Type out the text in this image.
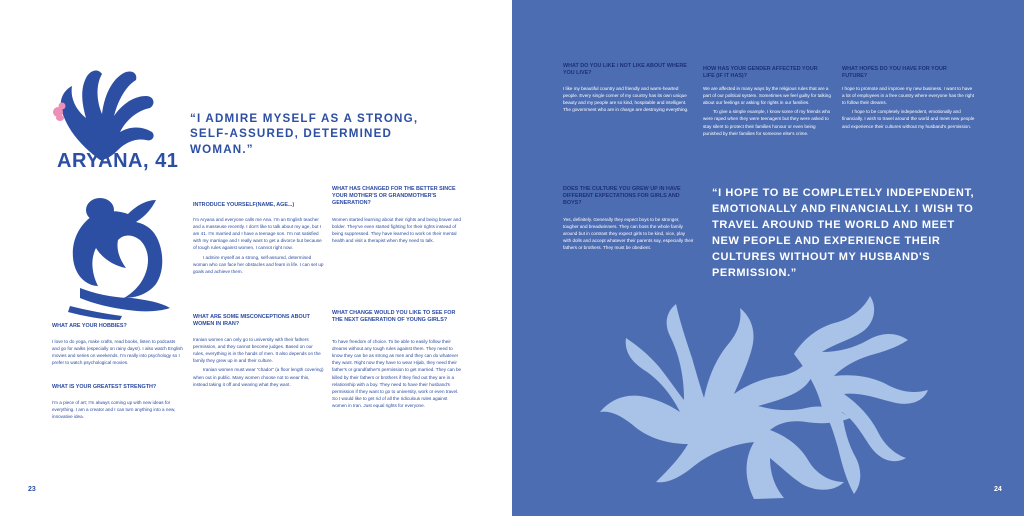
ARYANA, 41
“I ADMIRE MYSELF AS A STRONG, SELF-ASSURED, DETERMINED WOMAN.”
WHAT ARE YOUR HOBBIES?

I love to do yoga, make crafts, read books, listen to podcasts and go for walks (especially on rainy days!). I also watch English movies and series on weekends. I'm really into psychology so I prefer to watch psychological movies.

WHAT IS YOUR GREATEST STRENGTH?

I'm a piece of art; I'm always coming up with new ideas for everything. I am a creator and I can turn anything into a new, innovative idea.

INTRODUCE YOURSELF(NAME, AGE...)

I'm Aryana and everyone calls me Ana. I'm an English teacher and a masseuse recently. I don't like to talk about my age, but I am 41. I'm married and I have a teenage son. I'm not satisfied with my marriage and I really want to get a divorce but because of tough rules against women, I cannot right now.

I admire myself as a strong, self-assured, determined woman who can face her obstacles and fears in life. I can set up goals and achieve them.

WHAT ARE SOME MISCONCEPTIONS ABOUT WOMEN IN IRAN?

Iranian women can only go to university with their fathers permission, and they cannot become judges. Based on our rules, everything is in the hands of men. It also depends on the family they grew up in and their culture.

Iranian women must wear “chador” (a floor length covering) when out in public. Many women choose not to wear this, instead taking it off and wearing what they want.

WHAT HAS CHANGED FOR THE BETTER SINCE YOUR MOTHER'S OR GRANDMOTHER'S GENERATION?

Women started learning about their rights and being braver and bolder. They've even started fighting for their rights instead of being suppressed. They have learned to work on their mental health and visit a therapist when they need to talk.

WHAT CHANGE WOULD YOU LIKE TO SEE FOR THE NEXT GENERATION OF YOUNG GIRLS?

To have freedom of choice. To be able to easily follow their dreams without any tough rules against them. They need to know they can be as strong as men and they can do whatever they want. Right now they have to wear Hijab, they need their father's or grandfather's permission to get married. They can be killed by their fathers or brothers if they find out they are in a relationship with a boy. They need to have their husband's permission if they want to go to university, work or even travel. So I would like to get rid of all the ridiculous rules against women in Iran. Just equal rights for everyone.

23
WHAT DO YOU LIKE / NOT LIKE ABOUT WHERE YOU LIVE?

I like my beautiful country and friendly and warm-hearted people. Every single corner of my country has its own unique beauty and my people are so kind, hospitable and intelligent. The government who are in charge are destroying everything.

DOES THE CULTURE YOU GREW UP IN HAVE DIFFERENT EXPECTATIONS FOR GIRLS AND BOYS?

Yes, definitely. Generally they expect boys to be stronger, tougher and breadwinners. They can boss the whole family around but in contrast they expect girls to be kind, nice, play with dolls and accept whatever their parents say, especially their fathers or brothers. They must be obedient.

HOW HAS YOUR GENDER AFFECTED YOUR LIFE (IF IT HAS)?

We are affected in many ways by the religious rules that are a part of our political system. Sometimes we feel guilty for talking about our feelings or asking for rights in our families.

To give a simple example, I know some of my friends who were raped when they were teenagers but they were asked to stay silent to protect their families honour or even being punished by their families for someone else's crime.

WHAT HOPES DO YOU HAVE FOR YOUR FUTURE?

I hope to promote and improve my new business. I want to have a lot of employees in a free country where everyone has the right to follow their dreams.

I hope to be completely independent, emotionally and financially. I wish to travel around the world and meet new people and experience their cultures without my husband's permission.

“I HOPE TO BE COMPLETELY INDEPENDENT, EMOTIONALLY AND FINANCIALLY. I WISH TO TRAVEL AROUND THE WORLD AND MEET NEW PEOPLE AND EXPERIENCE THEIR CULTURES WITHOUT MY HUSBAND'S PERMISSION.”
24
